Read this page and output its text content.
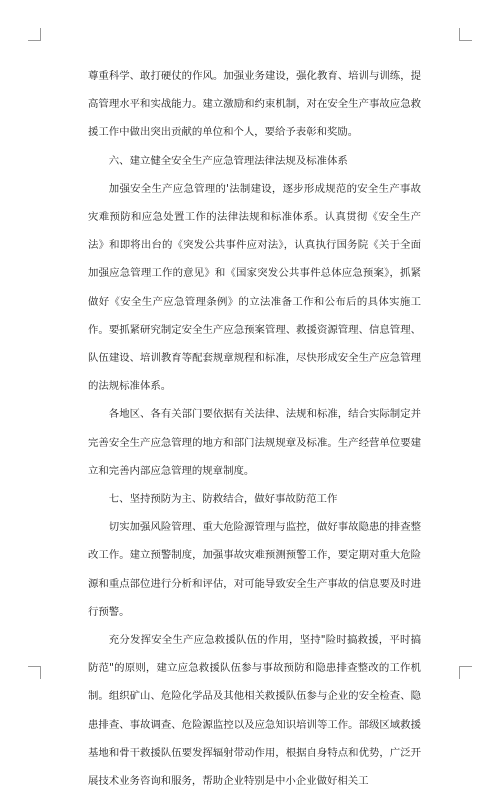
尊重科学、敢打硬仗的作风。加强业务建设，强化教育、培训与训练，提高管理水平和实战能力。建立激励和约束机制，对在安全生产事故应急救援工作中做出突出贡献的单位和个人，要给予表彰和奖励。

六、建立健全安全生产应急管理法律法规及标准体系

加强安全生产应急管理的'法制建设，逐步形成规范的安全生产事故灾难预防和应急处置工作的法律法规和标准体系。认真贯彻《安全生产法》和即将出台的《突发公共事件应对法》，认真执行国务院《关于全面加强应急管理工作的意见》和《国家突发公共事件总体应急预案》，抓紧做好《安全生产应急管理条例》的立法准备工作和公布后的具体实施工作。要抓紧研究制定安全生产应急预案管理、救援资源管理、信息管理、队伍建设、培训教育等配套规章规程和标准，尽快形成安全生产应急管理的法规标准体系。

各地区、各有关部门要依据有关法律、法规和标准，结合实际制定并完善安全生产应急管理的地方和部门法规规章及标准。生产经营单位要建立和完善内部应急管理的规章制度。

七、坚持预防为主、防救结合，做好事故防范工作

切实加强风险管理、重大危险源管理与监控，做好事故隐患的排查整改工作。建立预警制度，加强事故灾难预测预警工作，要定期对重大危险源和重点部位进行分析和评估，对可能导致安全生产事故的信息要及时进行预警。

充分发挥安全生产应急救援队伍的作用，坚持"险时搞救援，平时搞防范"的原则，建立应急救援队伍参与事故预防和隐患排查整改的工作机制。组织矿山、危险化学品及其他相关救援队伍参与企业的安全检查、隐患排查、事故调查、危险源监控以及应急知识培训等工作。部级区域救援基地和骨干救援队伍要发挥辐射带动作用，根据自身特点和优势，广泛开展技术业务咨询和服务，帮助企业特别是中小企业做好相关工
